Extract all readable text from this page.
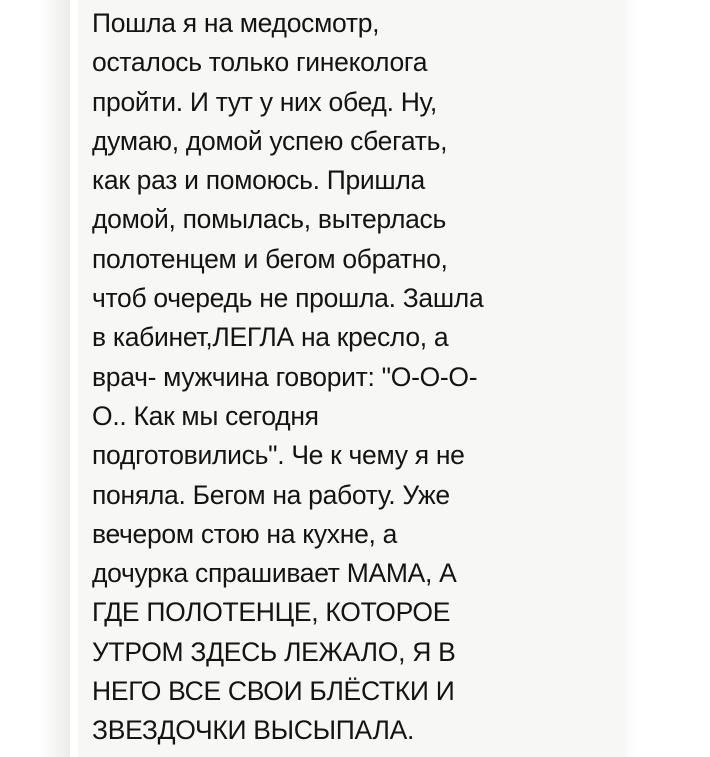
Пошла я на медосмотр,
осталось только гинеколога
пройти. И тут у них обед. Ну,
думаю, домой успею сбегать,
как раз и помоюсь. Пришла
домой, помылась, вытерлась
полотенцем и бегом обратно,
чтоб очередь не прошла. Зашла
в кабинет,ЛЕГЛА на кресло, а
врач- мужчина говорит: "О-О-О-
О.. Как мы сегодня
подготовились". Че к чему я не
поняла. Бегом на работу. Уже
вечером стою на кухне, а
дочурка спрашивает МАМА, А
ГДЕ ПОЛОТЕНЦЕ, КОТОРОЕ
УТРОМ ЗДЕСЬ ЛЕЖАЛО, Я В
НЕГО ВСЕ СВОИ БЛЁСТКИ И
ЗВЕЗДОЧКИ ВЫСЫПАЛА.
